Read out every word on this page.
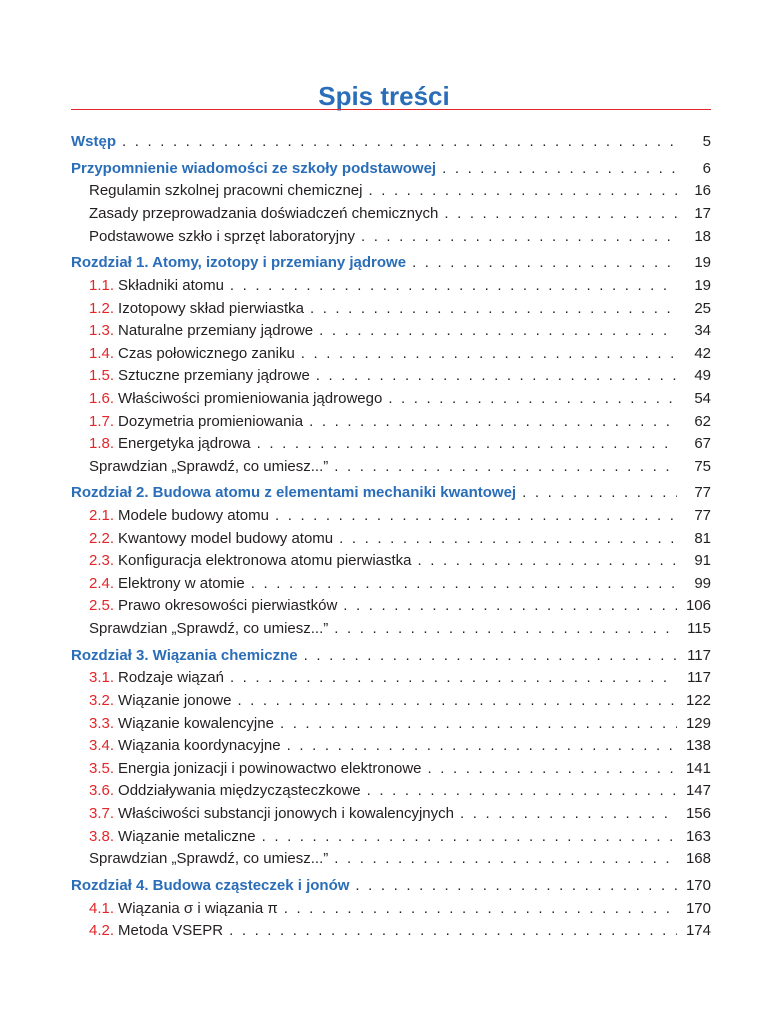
Spis treści
Wstęp . . .	5
Przypomnienie wiadomości ze szkoły podstawowej . . .	6
Regulamin szkolnej pracowni chemicznej . . .	16
Zasady przeprowadzania doświadczeń chemicznych . . .	17
Podstawowe szkło i sprzęt laboratoryjny . . .	18
Rozdział 1. Atomy, izotopy i przemiany jądrowe . . .	19
1.1. Składniki atomu . . .	19
1.2. Izotopowy skład pierwiastka . . .	25
1.3. Naturalne przemiany jądrowe . . .	34
1.4. Czas połowicznego zaniku . . .	42
1.5. Sztuczne przemiany jądrowe . . .	49
1.6. Właściwości promieniowania jądrowego . . .	54
1.7. Dozymetria promieniowania . . .	62
1.8. Energetyka jądrowa . . .	67
Sprawdzian „Sprawdź, co umiesz...” . . .	75
Rozdział 2. Budowa atomu z elementami mechaniki kwantowej . . .	77
2.1. Modele budowy atomu . . .	77
2.2. Kwantowy model budowy atomu . . .	81
2.3. Konfiguracja elektronowa atomu pierwiastka . . .	91
2.4. Elektrony w atomie . . .	99
2.5. Prawo okresowości pierwiastków . . .	106
Sprawdzian „Sprawdź, co umiesz...” . . .	115
Rozdział 3. Wiązania chemiczne . . .	117
3.1. Rodzaje wiązań . . .	117
3.2. Wiązanie jonowe . . .	122
3.3. Wiązanie kowalencyjne . . .	129
3.4. Wiązania koordynacyjne . . .	138
3.5. Energia jonizacji i powinowactwo elektronowe . . .	141
3.6. Oddziaływania międzycząsteczkowe . . .	147
3.7. Właściwości substancji jonowych i kowalencyjnych . . .	156
3.8. Wiązanie metaliczne . . .	163
Sprawdzian „Sprawdź, co umiesz...” . . .	168
Rozdział 4. Budowa cząsteczek i jonów . . .	170
4.1. Wiązania σ i wiązania π . . .	170
4.2. Metoda VSEPR . . .	174
